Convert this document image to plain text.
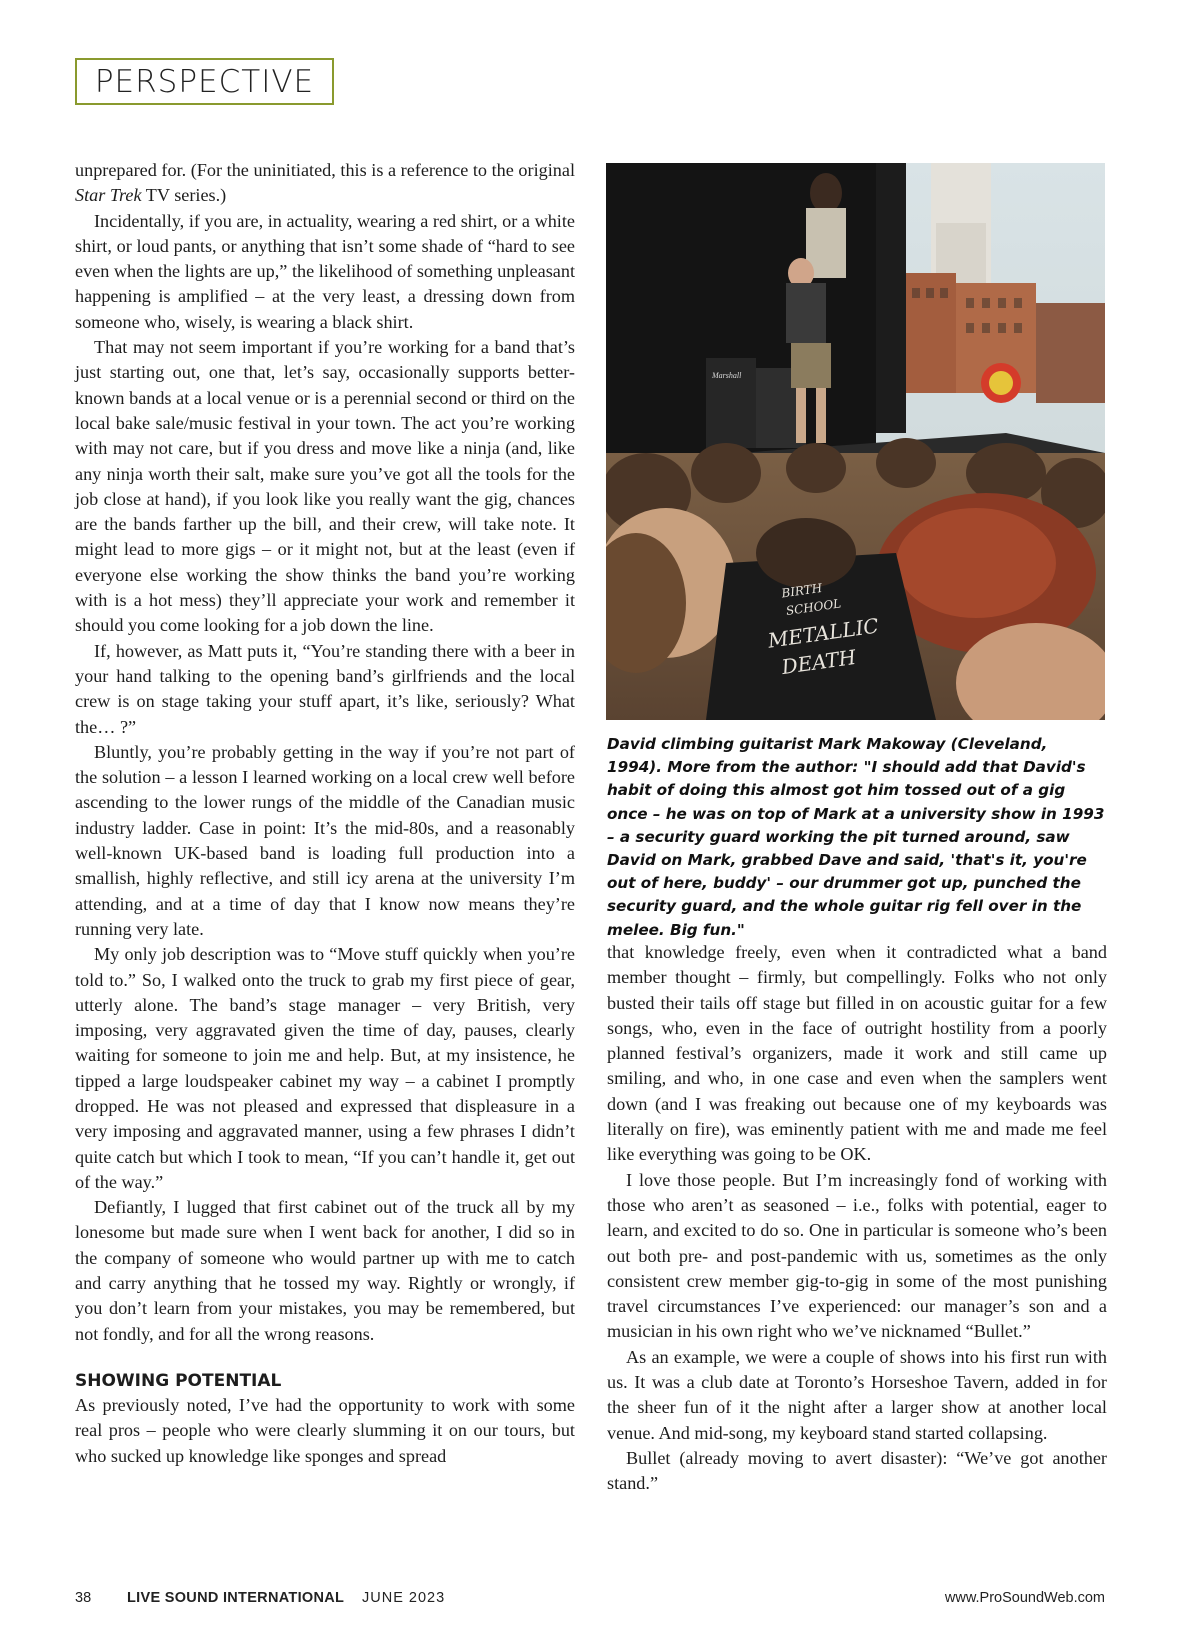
PERSPECTIVE

unprepared for. (For the uninitiated, this is a reference to the original Star Trek TV series.)

Incidentally, if you are, in actuality, wearing a red shirt, or a white shirt, or loud pants, or anything that isn’t some shade of “hard to see even when the lights are up,” the likelihood of something unpleasant happening is amplified – at the very least, a dressing down from someone who, wisely, is wearing a black shirt.

That may not seem important if you’re working for a band that’s just starting out, one that, let’s say, occasionally supports better-known bands at a local venue or is a perennial second or third on the local bake sale/music festival in your town. The act you’re working with may not care, but if you dress and move like a ninja (and, like any ninja worth their salt, make sure you’ve got all the tools for the job close at hand), if you look like you really want the gig, chances are the bands farther up the bill, and their crew, will take note. It might lead to more gigs – or it might not, but at the least (even if everyone else working the show thinks the band you’re working with is a hot mess) they’ll appreciate your work and remember it should you come looking for a job down the line.

If, however, as Matt puts it, “You’re standing there with a beer in your hand talking to the opening band’s girlfriends and the local crew is on stage taking your stuff apart, it’s like, seriously? What the… ?”

Bluntly, you’re probably getting in the way if you’re not part of the solution – a lesson I learned working on a local crew well before ascending to the lower rungs of the middle of the Canadian music industry ladder. Case in point: It’s the mid-80s, and a reasonably well-known UK-based band is loading full production into a smallish, highly reflective, and still icy arena at the university I’m attending, and at a time of day that I know now means they’re running very late.

My only job description was to “Move stuff quickly when you’re told to.” So, I walked onto the truck to grab my first piece of gear, utterly alone. The band’s stage manager – very British, very imposing, very aggravated given the time of day, pauses, clearly waiting for someone to join me and help. But, at my insistence, he tipped a large loudspeaker cabinet my way – a cabinet I promptly dropped. He was not pleased and expressed that displeasure in a very imposing and aggravated manner, using a few phrases I didn’t quite catch but which I took to mean, “If you can’t handle it, get out of the way.”

Defiantly, I lugged that first cabinet out of the truck all by my lonesome but made sure when I went back for another, I did so in the company of someone who would partner up with me to catch and carry anything that he tossed my way. Rightly or wrongly, if you don’t learn from your mistakes, you may be remembered, but not fondly, and for all the wrong reasons.

SHOWING POTENTIAL

As previously noted, I’ve had the opportunity to work with some real pros – people who were clearly slumming it on our tours, but who sucked up knowledge like sponges and spread

Marshall
BIRTH
SCHOOL
METALLIC
DEATH
David climbing guitarist Mark Makoway (Cleveland, 1994). More from the author: "I should add that David's habit of doing this almost got him tossed out of a gig once – he was on top of Mark at a university show in 1993 – a security guard working the pit turned around, saw David on Mark, grabbed Dave and said, 'that's it, you're out of here, buddy' – our drummer got up, punched the security guard, and the whole guitar rig fell over in the melee. Big fun."

that knowledge freely, even when it contradicted what a band member thought – firmly, but compellingly. Folks who not only busted their tails off stage but filled in on acoustic guitar for a few songs, who, even in the face of outright hostility from a poorly planned festival’s organizers, made it work and still came up smiling, and who, in one case and even when the samplers went down (and I was freaking out because one of my keyboards was literally on fire), was eminently patient with me and made me feel like everything was going to be OK.

I love those people. But I’m increasingly fond of working with those who aren’t as seasoned – i.e., folks with potential, eager to learn, and excited to do so. One in particular is someone who’s been out both pre- and post-pandemic with us, sometimes as the only consistent crew member gig-to-gig in some of the most punishing travel circumstances I’ve experienced: our manager’s son and a musician in his own right who we’ve nicknamed “Bullet.”

As an example, we were a couple of shows into his first run with us. It was a club date at Toronto’s Horseshoe Tavern, added in for the sheer fun of it the night after a larger show at another local venue. And mid-song, my keyboard stand started collapsing.

Bullet (already moving to avert disaster): “We’ve got another stand.”

38 LIVE SOUND INTERNATIONAL JUNE 2023	www.ProSoundWeb.com
